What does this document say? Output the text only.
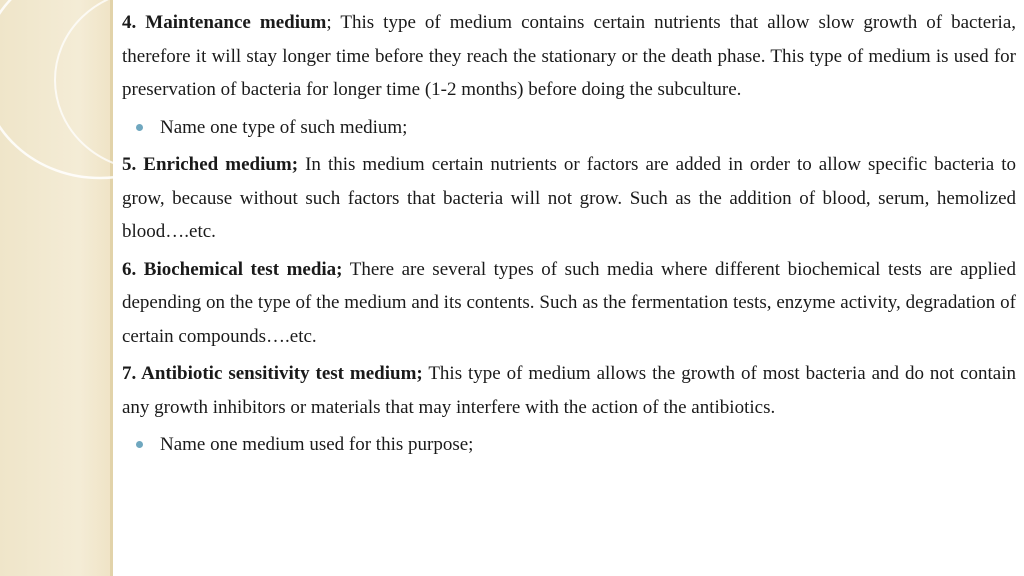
4. Maintenance medium; This type of medium contains certain nutrients that allow slow growth of bacteria, therefore it will stay longer time before they reach the stationary or the death phase. This type of medium is used for preservation of bacteria for longer time (1-2 months) before doing the subculture.

Name one type of such medium;

5. Enriched medium; In this medium certain nutrients or factors are added in order to allow specific bacteria to grow, because without such factors that bacteria will not grow. Such as the addition of blood, serum, hemolized blood….etc.

6. Biochemical test media; There are several types of such media where different biochemical tests are applied depending on the type of the medium and its contents. Such as the fermentation tests, enzyme activity, degradation of certain compounds….etc.

7. Antibiotic sensitivity test medium; This type of medium allows the growth of most bacteria and do not contain any growth inhibitors or materials that may interfere with the action of the antibiotics.

Name one medium used for this purpose;
